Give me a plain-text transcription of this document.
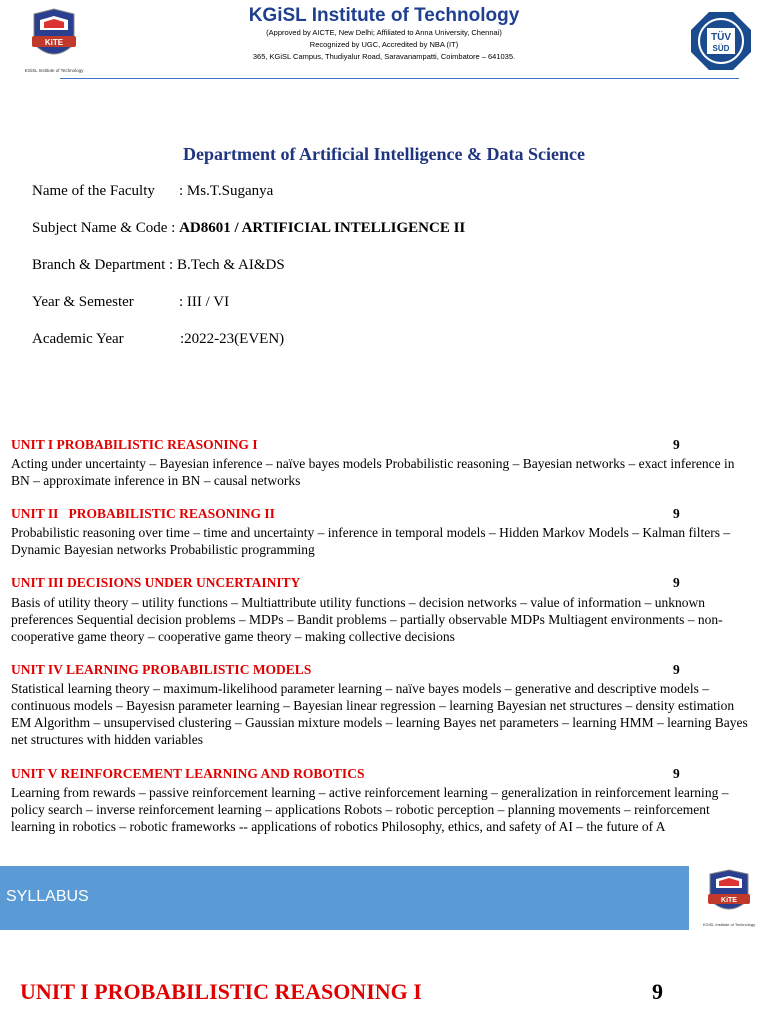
KiTE
KGiSL Institute of Technology
KGiSL Institute of Technology
(Approved by AICTE, New Delhi; Affiliated to Anna University, Chennai)
Recognized by UGC, Accredited by NBA (IT)
365, KGiSL Campus, Thudiyalur Road, Saravanampatti, Coimbatore – 641035.
TÜV
SÜD
Department of Artificial Intelligence & Data Science
Name of the Faculty : Ms.T.Suganya
Subject Name & Code : AD8601 / ARTIFICIAL INTELLIGENCE II
Branch & Department : B.Tech & AI&DS
Year & Semester	: III / VI
Academic Year	:2022-23(EVEN)
UNIT I PROBABILISTIC REASONING I	9
Acting under uncertainty – Bayesian inference – naïve bayes models Probabilistic reasoning – Bayesian networks – exact inference in BN – approximate inference in BN – causal networks
UNIT II   PROBABILISTIC REASONING II	9
Probabilistic reasoning over time – time and uncertainty – inference in temporal models – Hidden Markov Models – Kalman filters – Dynamic Bayesian networks Probabilistic programming
UNIT III DECISIONS UNDER UNCERTAINITY	9
Basis of utility theory – utility functions – Multiattribute utility functions – decision networks – value of information – unknown preferences Sequential decision problems – MDPs – Bandit problems – partially observable MDPs Multiagent environments – non-cooperative game theory – cooperative game theory – making collective decisions
UNIT IV LEARNING PROBABILISTIC MODELS	9
Statistical learning theory – maximum-likelihood parameter learning – naïve bayes models – generative and descriptive models – continuous models – Bayesisn parameter learning – Bayesian linear regression – learning Bayesian net structures – density estimation EM Algorithm – unsupervised clustering – Gaussian mixture models – learning Bayes net parameters – learning HMM – learning Bayes net structures with hidden variables
UNIT V REINFORCEMENT LEARNING AND ROBOTICS	9
Learning from rewards – passive reinforcement learning – active reinforcement learning – generalization in reinforcement learning – policy search – inverse reinforcement learning – applications Robots – robotic perception – planning movements – reinforcement learning in robotics – robotic frameworks -- applications of robotics Philosophy, ethics, and safety of AI – the future of A
SYLLABUS	KiTE
KGiSL Institute of Technology
UNIT I PROBABILISTIC REASONING I	9
